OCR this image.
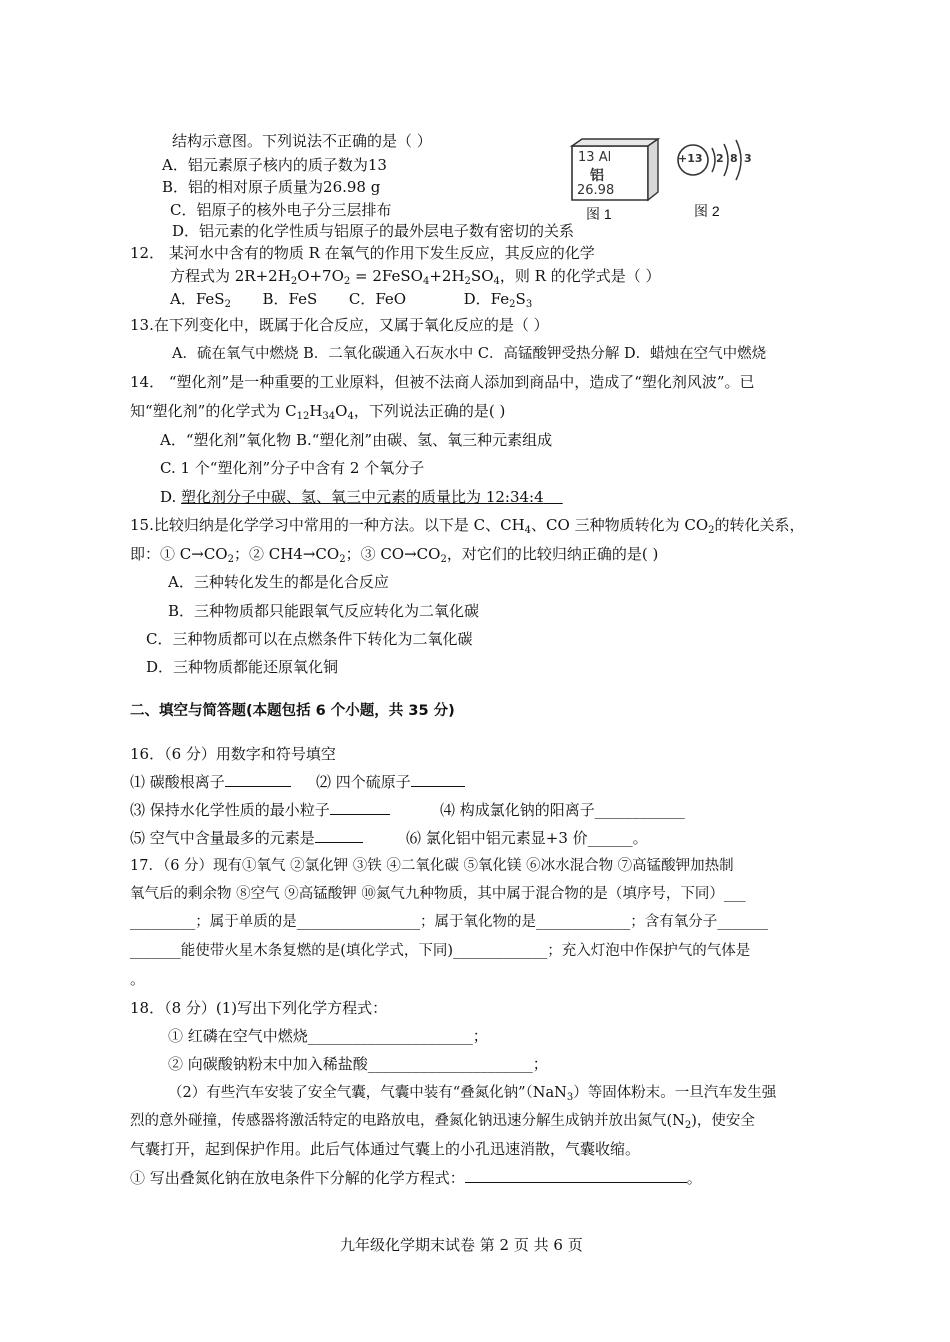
结构示意图。下列说法不正确的是（ ）
A．铝元素原子核内的质子数为13
B．铝的相对原子质量为26.98 g
C．铝原子的核外电子分三层排布
D．铝元素的化学性质与铝原子的最外层电子数有密切的关系
13 Al
铝
26.98
图 1
+13 2 8 3
图 2
12． 某河水中含有的物质 R 在氧气的作用下发生反应，其反应的化学
方程式为 $2R+2H_2O+7O_2$ = $2FeSO_4+2H_2SO_4$，则 R 的化学式是（ ）
A．FeS$_2$ B．FeS C．FeO	D．$Fe_2S_3$
13.在下列变化中，既属于化合反应，又属于氧化反应的是（ ）
A．硫在氧气中燃烧 B．二氧化碳通入石灰水中 C．高锰酸钾受热分解 D．蜡烛在空气中燃烧
14． “塑化剂”是一种重要的工业原料，但被不法商人添加到商品中，造成了“塑化剂风波”。已
知“塑化剂”的化学式为 $C_{12}H_{34}O_4$，下列说法正确的是( )
A．“塑化剂”氧化物 B.“塑化剂”由碳、氢、氧三种元素组成
C. 1 个“塑化剂”分子中含有 2 个氧分子
D. 塑化剂分子中碳、氢、氧三中元素的质量比为 12:34:4
15.比较归纳是化学学习中常用的一种方法。以下是 C、$CH_4$、CO 三种物质转化为 $CO_2$的转化关系，
即：① $C\to CO_2$；② $CH4\to CO_2$；③ $CO\to CO_2$，对它们的比较归纳正确的是( )
A．三种转化发生的都是化合反应
B．三种物质都只能跟氧气反应转化为二氧化碳
C．三种物质都可以在点燃条件下转化为二氧化碳
D．三种物质都能还原氧化铜
二、填空与简答题(本题包括 6 个小题，共 35 分)
16．（6 分）用数字和符号填空
⑴ 碳酸根离子	⑵ 四个硫原子
⑶ 保持水化学性质的最小粒子	⑷ 构成氯化钠的阳离子____________
⑸ 空气中含量最多的元素是	⑹ 氯化铝中铝元素显+3 价______。
17．（6 分）现有①氧气 ②氯化钾 ③铁 ④二氧化碳 ⑤氧化镁 ⑥冰水混合物 ⑦高锰酸钾加热制
氧气后的剩余物 ⑧空气 ⑨高锰酸钾 ⑩氮气九种物质，其中属于混合物的是（填序号，下同）___
_________；属于单质的是_________________；属于氧化物的是_____________；含有氧分子_______
_______能使带火星木条复燃的是(填化学式，下同)_____________；充入灯泡中作保护气的气体是
。
18．（8 分）(1)写出下列化学方程式：
① 红磷在空气中燃烧______________________；
② 向碳酸钠粉末中加入稀盐酸______________________；
（2）有些汽车安装了安全气囊，气囊中装有“叠氮化钠”（NaN$_3$）等固体粉末。一旦汽车发生强
烈的意外碰撞，传感器将激活特定的电路放电，叠氮化钠迅速分解生成钠并放出氮气$(N_2)$，使安全
气囊打开，起到保护作用。此后气体通过气囊上的小孔迅速消散，气囊收缩。
① 写出叠氮化钠在放电条件下分解的化学方程式：	。
九年级化学期末试卷 第 2 页 共 6 页
